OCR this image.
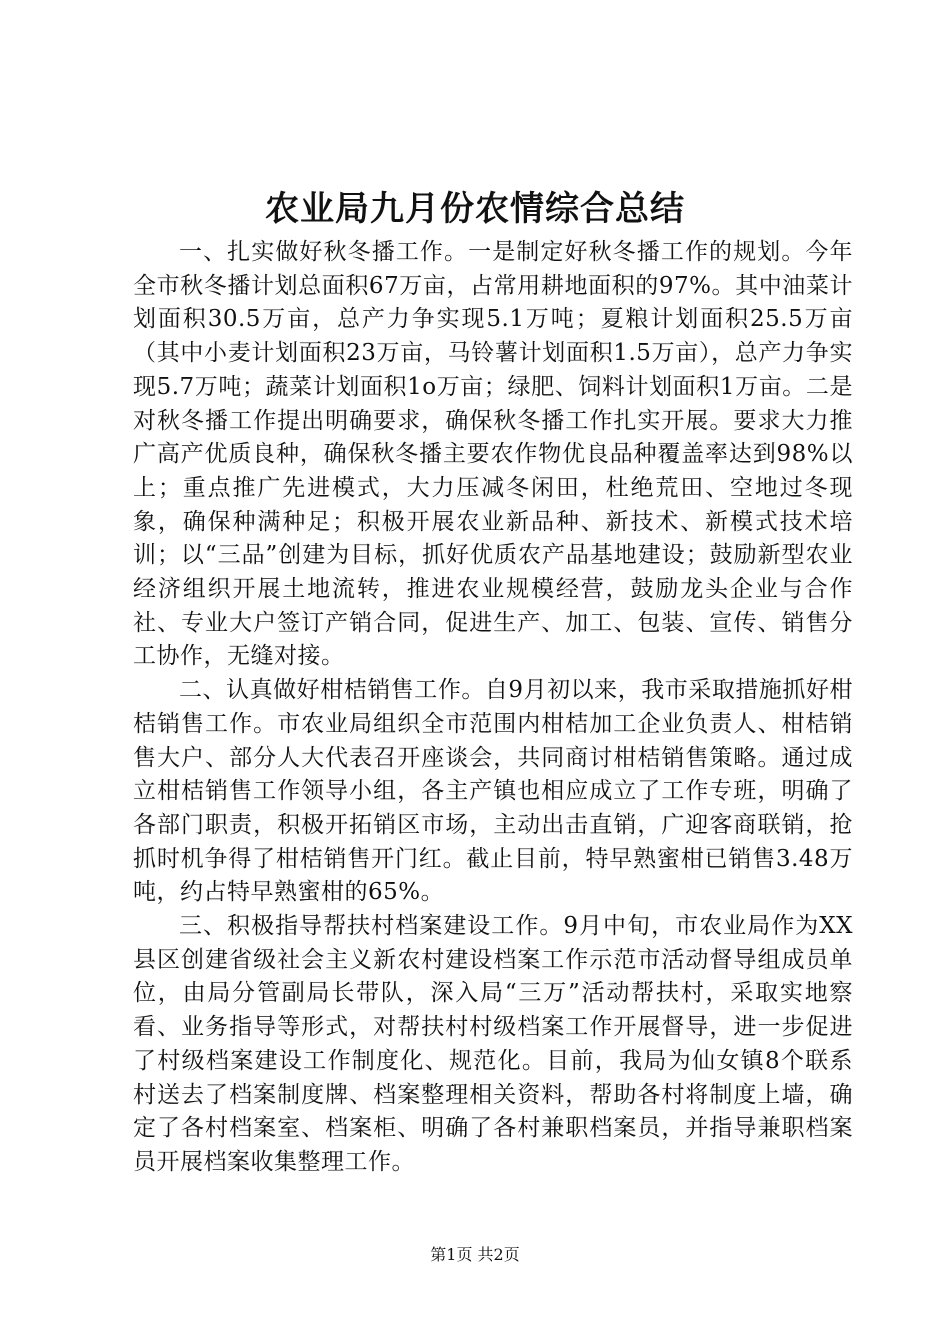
农业局九月份农情综合总结

一、扎实做好秋冬播工作。一是制定好秋冬播工作的规划。今年全市秋冬播计划总面积67万亩，占常用耕地面积的97%。其中油菜计划面积30.5万亩，总产力争实现5.1万吨；夏粮计划面积25.5万亩（其中小麦计划面积23万亩，马铃薯计划面积1.5万亩），总产力争实现5.7万吨；蔬菜计划面积1o万亩；绿肥、饲料计划面积1万亩。二是对秋冬播工作提出明确要求，确保秋冬播工作扎实开展。要求大力推广高产优质良种，确保秋冬播主要农作物优良品种覆盖率达到98%以上；重点推广先进模式，大力压减冬闲田，杜绝荒田、空地过冬现象，确保种满种足；积极开展农业新品种、新技术、新模式技术培训；以“三品”创建为目标，抓好优质农产品基地建设；鼓励新型农业经济组织开展土地流转，推进农业规模经营，鼓励龙头企业与合作社、专业大户签订产销合同，促进生产、加工、包装、宣传、销售分工协作，无缝对接。

二、认真做好柑桔销售工作。自9月初以来，我市采取措施抓好柑桔销售工作。市农业局组织全市范围内柑桔加工企业负责人、柑桔销售大户、部分人大代表召开座谈会，共同商讨柑桔销售策略。通过成立柑桔销售工作领导小组，各主产镇也相应成立了工作专班，明确了各部门职责，积极开拓销区市场，主动出击直销，广迎客商联销，抢抓时机争得了柑桔销售开门红。截止目前，特早熟蜜柑已销售3.48万吨，约占特早熟蜜柑的65%。

三、积极指导帮扶村档案建设工作。9月中旬，市农业局作为XX县区创建省级社会主义新农村建设档案工作示范市活动督导组成员单位，由局分管副局长带队，深入局“三万”活动帮扶村，采取实地察看、业务指导等形式，对帮扶村村级档案工作开展督导，进一步促进了村级档案建设工作制度化、规范化。目前，我局为仙女镇8个联系村送去了档案制度牌、档案整理相关资料，帮助各村将制度上墙，确定了各村档案室、档案柜、明确了各村兼职档案员，并指导兼职档案员开展档案收集整理工作。

第1页 共2页
